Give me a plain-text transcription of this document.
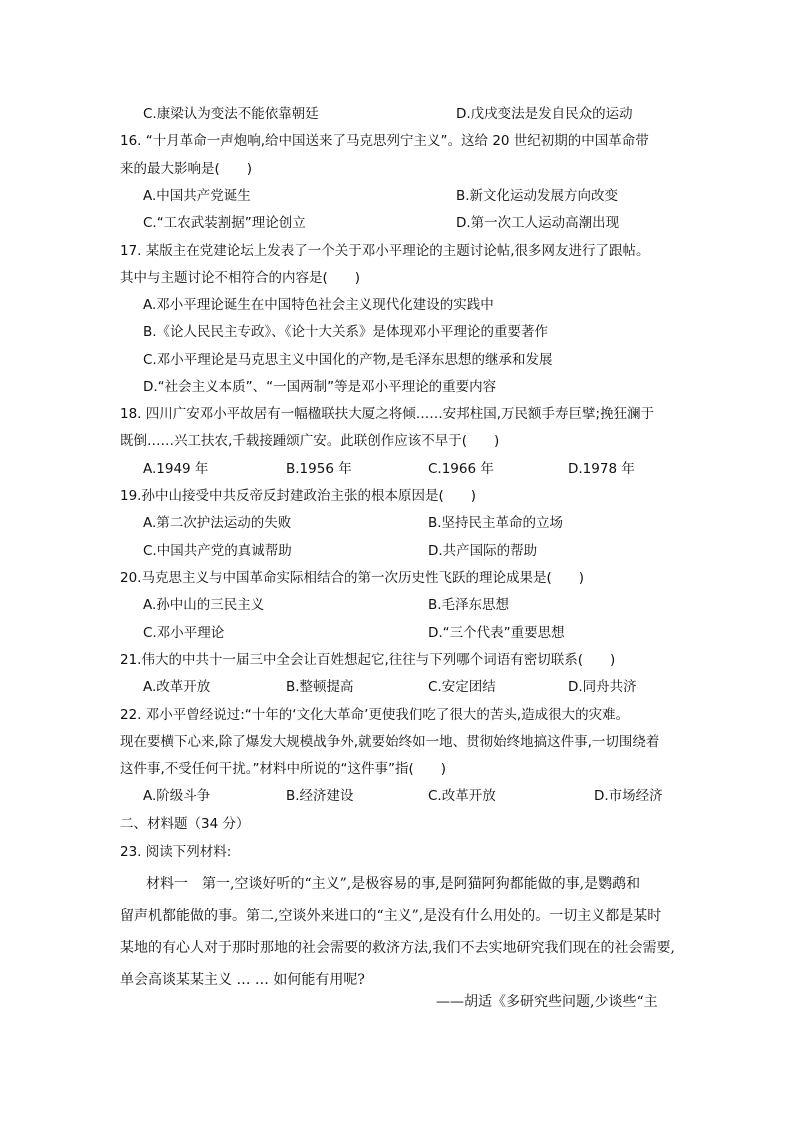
C.康梁认为变法不能依靠朝廷	D.戊戌变法是发自民众的运动
16. “十月革命一声炮响,给中国送来了马克思列宁主义”。这给 20 世纪初期的中国革命带
来的最大影响是(　　)
A.中国共产党诞生	B.新文化运动发展方向改变
C.“工农武装割据”理论创立	D.第一次工人运动高潮出现
17. 某版主在党建论坛上发表了一个关于邓小平理论的主题讨论帖,很多网友进行了跟帖。
其中与主题讨论不相符合的内容是(　　)
A.邓小平理论诞生在中国特色社会主义现代化建设的实践中
B.《论人民民主专政》、《论十大关系》是体现邓小平理论的重要著作
C.邓小平理论是马克思主义中国化的产物,是毛泽东思想的继承和发展
D.“社会主义本质”、“一国两制”等是邓小平理论的重要内容
18. 四川广安邓小平故居有一幅楹联扶大厦之将倾……安邦柱国,万民额手寿巨擘;挽狂澜于
既倒……兴工扶农,千载接踵颂广安。此联创作应该不早于(　　)
A.1949 年	B.1956 年	C.1966 年	D.1978 年
19.孙中山接受中共反帝反封建政治主张的根本原因是(　　)
A.第二次护法运动的失败	B.坚持民主革命的立场
C.中国共产党的真诚帮助	D.共产国际的帮助
20.马克思主义与中国革命实际相结合的第一次历史性飞跃的理论成果是(　　)
A.孙中山的三民主义	B.毛泽东思想
C.邓小平理论	D.“三个代表”重要思想
21.伟大的中共十一届三中全会让百姓想起它,往往与下列哪个词语有密切联系(　　)
A.改革开放	B.整顿提高	C.安定团结	D.同舟共济
22. 邓小平曾经说过:“十年的‘文化大革命’更使我们吃了很大的苦头,造成很大的灾难。
现在要横下心来,除了爆发大规模战争外,就要始终如一地、贯彻始终地搞这件事,一切围绕着
这件事,不受任何干扰。”材料中所说的“这件事”指(　　)
A.阶级斗争	B.经济建设	C.改革开放	D.市场经济
二、材料题（34 分）
23. 阅读下列材料:
材料一　第一,空谈好听的“主义”,是极容易的事,是阿猫阿狗都能做的事,是鹦鹉和
留声机都能做的事。第二,空谈外来进口的“主义”,是没有什么用处的。一切主义都是某时
某地的有心人对于那时那地的社会需要的救济方法,我们不去实地研究我们现在的社会需要,
单会高谈某某主义 … … 如何能有用呢?
——胡适《多研究些问题,少谈些“主
